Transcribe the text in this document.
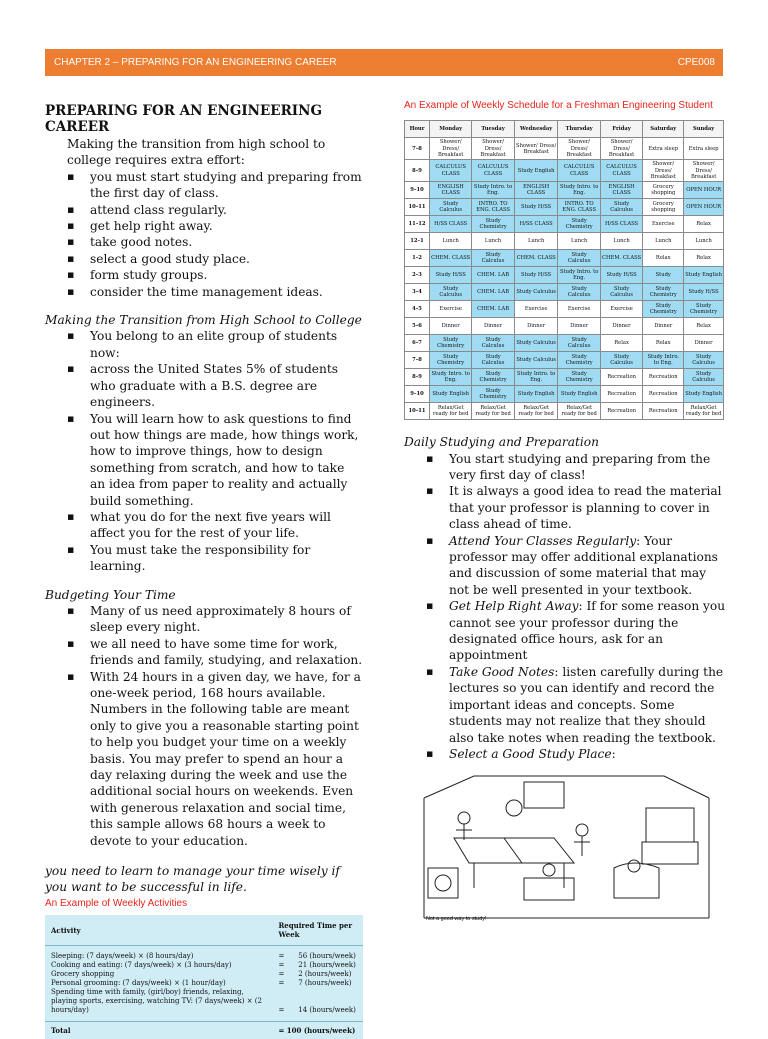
CHAPTER 2 – PREPARING FOR AN ENGINEERING CAREER	CPE008
PREPARING FOR AN ENGINEERING CAREER

Making the transition from high school to college requires extra effort:

▪ you must start studying and preparing from the first day of class.
▪ attend class regularly.
▪ get help right away.
▪ take good notes.
▪ select a good study place.
▪ form study groups.
▪ consider the time management ideas.

Making the Transition from High School to College

▪ You belong to an elite group of students now:
▪ across the United States 5% of students who graduate with a B.S. degree are engineers.
▪ You will learn how to ask questions to find out how things are made, how things work, how to improve things, how to design something from scratch, and how to take an idea from paper to reality and actually build something.
▪ what you do for the next five years will affect you for the rest of your life.
▪ You must take the responsibility for learning.

Budgeting Your Time

▪ Many of us need approximately 8 hours of sleep every night.
▪ we all need to have some time for work, friends and family, studying, and relaxation.
▪ With 24 hours in a given day, we have, for a one-week period, 168 hours available. Numbers in the following table are meant only to give you a reasonable starting point to help you budget your time on a weekly basis. You may prefer to spend an hour a day relaxing during the week and use the additional social hours on weekends. Even with generous relaxation and social time, this sample allows 68 hours a week to devote to your education.

you need to learn to manage your time wisely if you want to be successful in life.

An Example of Weekly Activities

Activity	Required Time per Week	
Sleeping: (7 days/week) × (8 hours/day)	=	56 (hours/week)
Cooking and eating: (7 days/week) × (3 hours/day)	=	21 (hours/week)
Grocery shopping	=	2 (hours/week)
Personal grooming: (7 days/week) × (1 hour/day)	=	7 (hours/week)
Spending time with family, (girl/boy) friends, relaxing, playing sports, exercising, watching TV: (7 days/week) × (2 hours/day)	=	14 (hours/week)
Total	= 100 (hours/week)	

An Example of Weekly Schedule for a Freshman Engineering Student

Hour	Monday	Tuesday	Wednesday	Thursday	Friday	Saturday	Sunday
7–8	Shower/ Dress/ Breakfast	Shower/ Dress/ Breakfast	Shower/ Dress/ Breakfast	Shower/ Dress/ Breakfast	Shower/ Dress/ Breakfast	Extra sleep	Extra sleep
8–9	CALCULUS CLASS	CALCULUS CLASS	Study English	CALCULUS CLASS	CALCULUS CLASS	Shower/ Dress/ Breakfast	Shower/ Dress/ Breakfast
9–10	ENGLISH CLASS	Study Intro. to Eng.	ENGLISH CLASS	Study Intro. to Eng.	ENGLISH CLASS	Grocery shopping	OPEN HOUR
10–11	Study Calculus	INTRO. TO ENG. CLASS	Study H/SS	INTRO. TO ENG. CLASS	Study Calculus	Grocery shopping	OPEN HOUR
11–12	H/SS CLASS	Study Chemistry	H/SS CLASS	Study Chemistry	H/SS CLASS	Exercise	Relax
12–1	Lunch	Lunch	Lunch	Lunch	Lunch	Lunch	Lunch
1–2	CHEM. CLASS	Study Calculus	CHEM. CLASS	Study Calculus	CHEM. CLASS	Relax	Relax
2–3	Study H/SS	CHEM. LAB	Study H/SS	Study Intro. to Eng.	Study H/SS	Study	Study English
3–4	Study Calculus	CHEM. LAB	Study Calculus	Study Calculus	Study Calculus	Study Chemistry	Study H/SS
4–5	Exercise	CHEM. LAB	Exercise	Exercise	Exercise	Study Chemistry	Study Chemistry
5–6	Dinner	Dinner	Dinner	Dinner	Dinner	Dinner	Relax
6–7	Study Chemistry	Study Calculus	Study Calculus	Study Calculus	Relax	Relax	Dinner
7–8	Study Chemistry	Study Calculus	Study Calculus	Study Chemistry	Study Calculus	Study Intro. to Eng.	Study Calculus
8–9	Study Intro. to Eng.	Study Chemistry	Study Intro. to Eng.	Study Chemistry	Recreation	Recreation	Study Calculus
9–10	Study English	Study Chemistry	Study English	Study English	Recreation	Recreation	Study English
10–11	Relax/Get ready for bed	Relax/Get ready for bed	Relax/Get ready for bed	Relax/Get ready for bed	Recreation	Recreation	Relax/Get ready for bed

Daily Studying and Preparation

▪ You start studying and preparing from the very first day of class!
▪ It is always a good idea to read the material that your professor is planning to cover in class ahead of time.
▪ Attend Your Classes Regularly: Your professor may offer additional explanations and discussion of some material that may not be well presented in your textbook.
▪ Get Help Right Away: If for some reason you cannot see your professor during the designated office hours, ask for an appointment
▪ Take Good Notes: listen carefully during the lectures so you can identify and record the important ideas and concepts. Some students may not realize that they should also take notes when reading the textbook.
▪ Select a Good Study Place:
Not a good way to study!
